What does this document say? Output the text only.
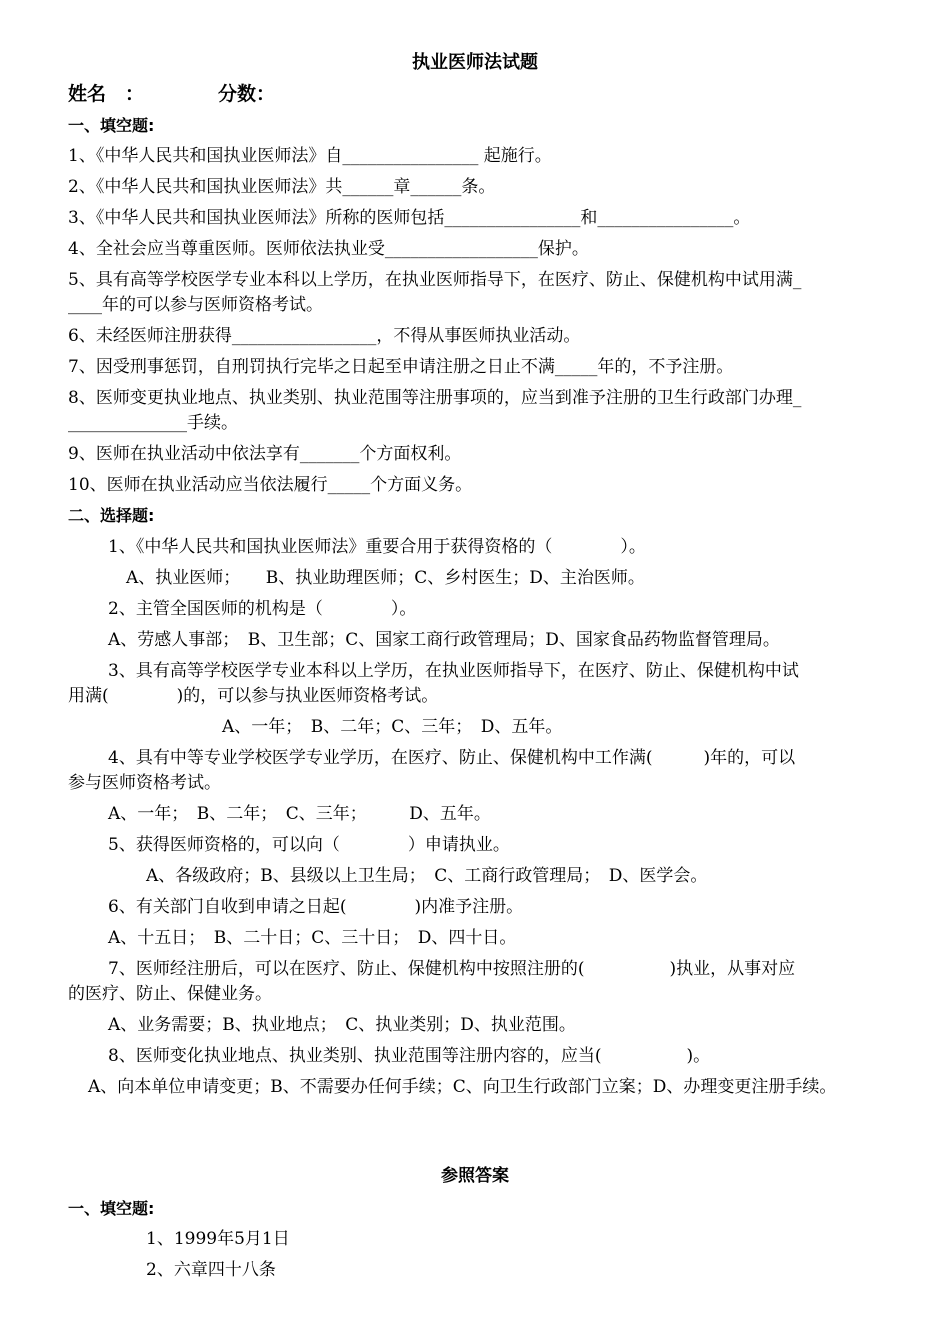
执业医师法试题
姓名　：	分数：
一、填空题:
1、《中华人民共和国执业医师法》自________________ 起施行。
2、《中华人民共和国执业医师法》共______章______条。
3、《中华人民共和国执业医师法》所称的医师包括________________和________________。
4、全社会应当尊重医师。医师依法执业受__________________保护。
5、具有高等学校医学专业本科以上学历，在执业医师指导下，在医疗、防止、保健机构中试用满_
____年的可以参与医师资格考试。
6、未经医师注册获得_________________，不得从事医师执业活动。
7、因受刑事惩罚，自刑罚执行完毕之日起至申请注册之日止不满_____年的，不予注册。
8、医师变更执业地点、执业类别、执业范围等注册事项的，应当到准予注册的卫生行政部门办理_
______________手续。
9、医师在执业活动中依法享有_______个方面权利。
10、医师在执业活动应当依法履行_____个方面义务。
二、选择题:
1、《中华人民共和国执业医师法》重要合用于获得资格的（　　　　）。
A、执业医师；　　B、执业助理医师；C、乡村医生；D、主治医师。
2、主管全国医师的机构是（　　　　）。
A、劳感人事部；　B、卫生部；C、国家工商行政管理局；D、国家食品药物监督管理局。
3、具有高等学校医学专业本科以上学历，在执业医师指导下，在医疗、防止、保健机构中试
用满(　　　　)的，可以参与执业医师资格考试。
A、一年；　B、二年；C、三年；　D、五年。
4、具有中等专业学校医学专业学历，在医疗、防止、保健机构中工作满(　　　)年的，可以
参与医师资格考试。
A、一年；　B、二年；　C、三年；　　　D、五年。
5、获得医师资格的，可以向（　　　　）申请执业。
A、各级政府；B、县级以上卫生局；　C、工商行政管理局；　D、医学会。
6、有关部门自收到申请之日起(　　　　)内准予注册。
A、十五日；　B、二十日；C、三十日；　D、四十日。
7、医师经注册后，可以在医疗、防止、保健机构中按照注册的(　　　　　)执业，从事对应
的医疗、防止、保健业务。
A、业务需要；B、执业地点；　C、执业类别；D、执业范围。
8、医师变化执业地点、执业类别、执业范围等注册内容的，应当(　　　　　)。
A、向本单位申请变更；B、不需要办任何手续；C、向卫生行政部门立案；D、办理变更注册手续。
参照答案
一、填空题:
1、1999年5月1日
2、六章四十八条
